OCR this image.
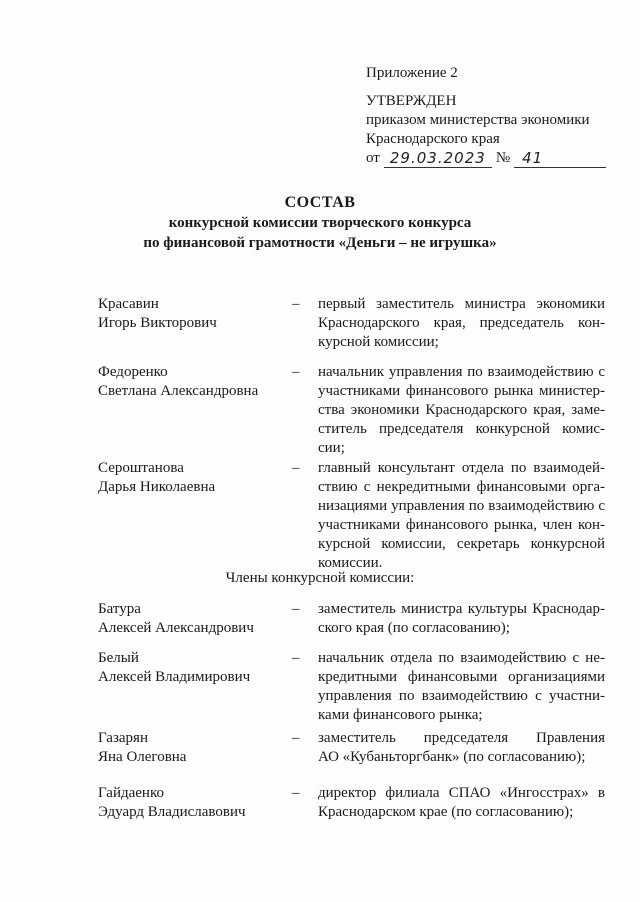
Приложение 2
УТВЕРЖДЕН
приказом министерства экономики
Краснодарского края
от 29.03.2023 № 41
СОСТАВ
конкурсной комиссии творческого конкурса
по финансовой грамотности «Деньги – не игрушка»
Красавин
Игорь Викторович
– первый заместитель министра экономики
Краснодарского края, председатель кон-
курсной комиссии;
Федоренко
Светлана Александровна
– начальник управления по взаимодействию с
участниками финансового рынка министер-
ства экономики Краснодарского края, заме-
ститель председателя конкурсной комис-
сии;
Сероштанова
Дарья Николаевна
– главный консультант отдела по взаимодей-
ствию с некредитными финансовыми орга-
низациями управления по взаимодействию с
участниками финансового рынка, член кон-
курсной комиссии, секретарь конкурсной
комиссии.
Члены конкурсной комиссии:
Батура
Алексей Александрович
– заместитель министра культуры Краснодар-
ского края (по согласованию);
Белый
Алексей Владимирович
– начальник отдела по взаимодействию с не-
кредитными финансовыми организациями
управления по взаимодействию с участни-
ками финансового рынка;
Газарян
Яна Олеговна
– заместитель председателя Правления
АО «Кубаньторгбанк» (по согласованию);
Гайдаенко
Эдуард Владиславович
– директор филиала СПАО «Ингосстрах» в
Краснодарском крае (по согласованию);
